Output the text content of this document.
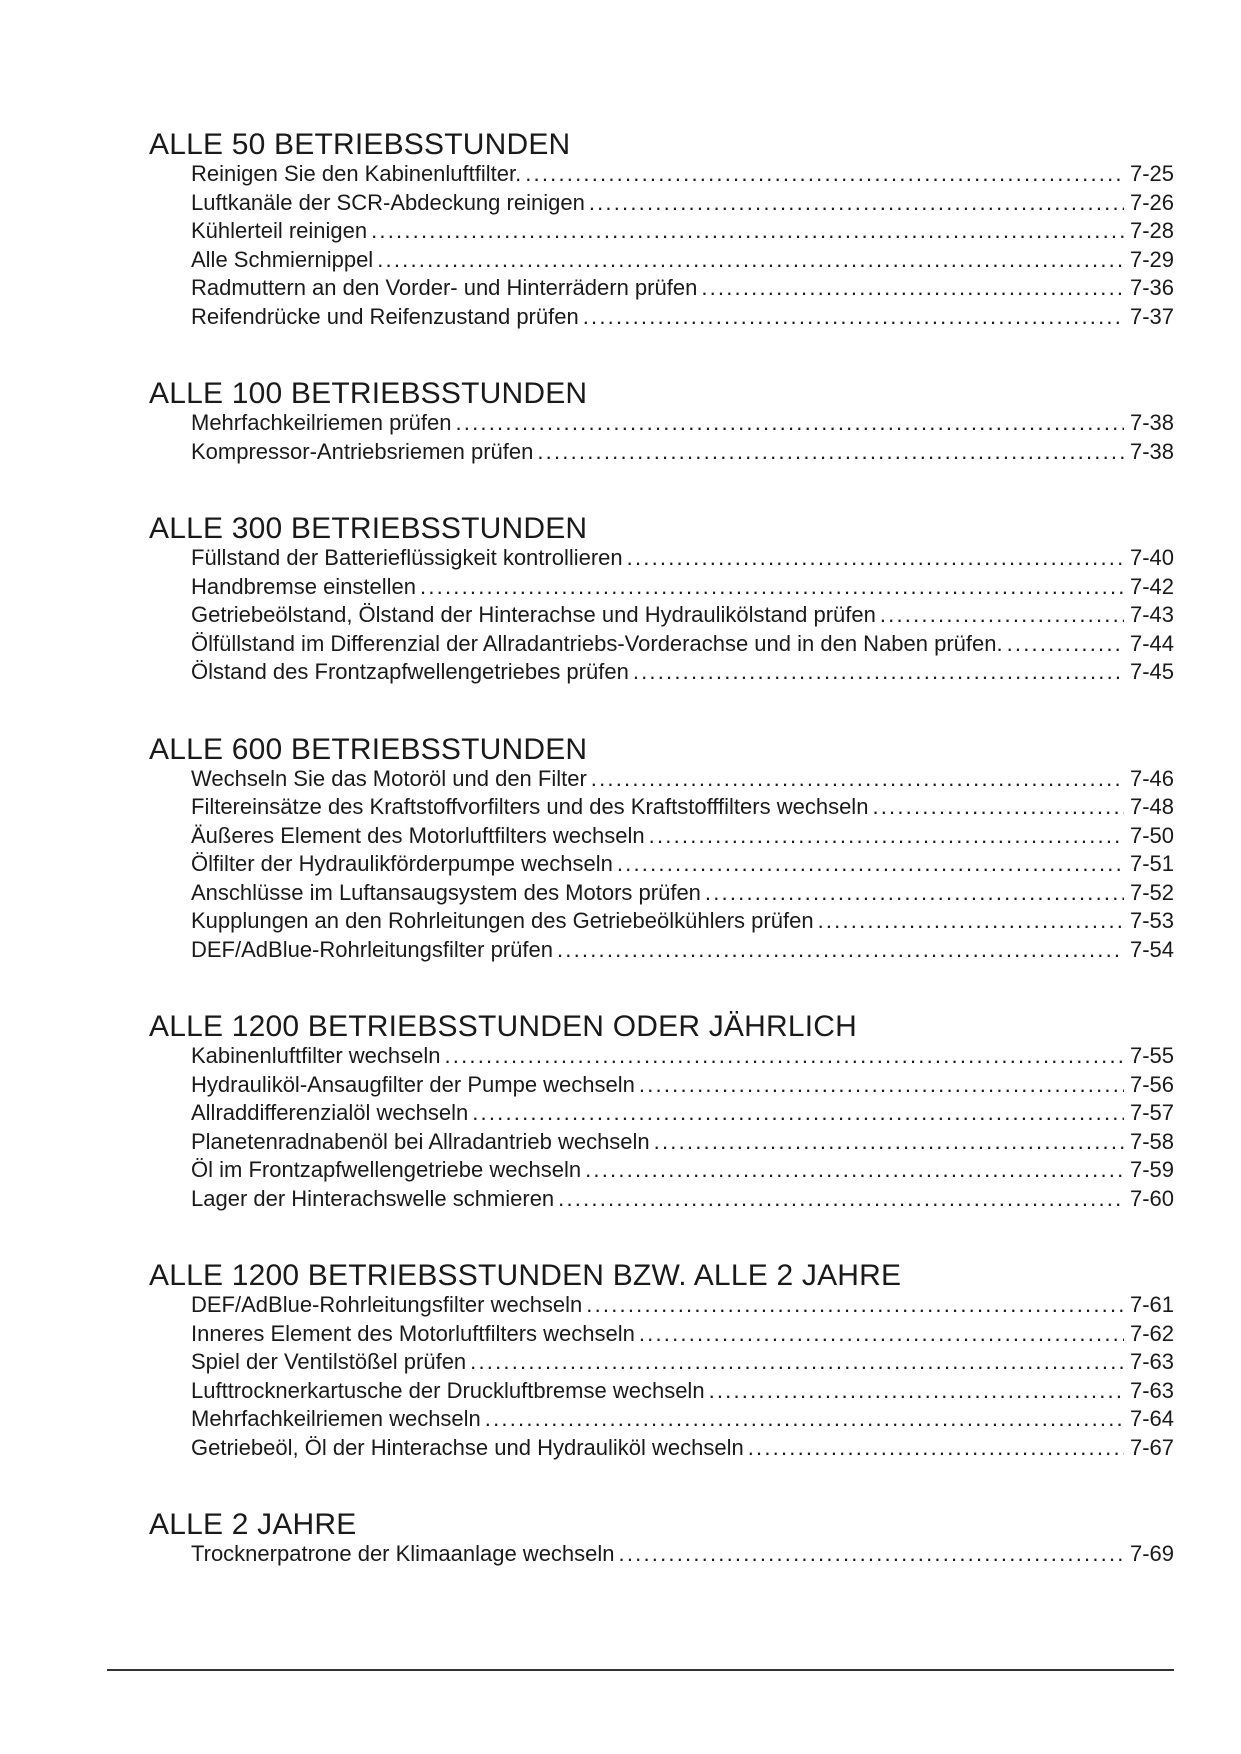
ALLE 50 BETRIEBSSTUNDEN
Reinigen Sie den Kabinenluftfilter. .....	7-25
Luftkanäle der SCR-Abdeckung reinigen .....	7-26
Kühlerteil reinigen .....	7-28
Alle Schmiernippel .....	7-29
Radmuttern an den Vorder- und Hinterrädern prüfen .....	7-36
Reifendrücke und Reifenzustand prüfen .....	7-37
ALLE 100 BETRIEBSSTUNDEN
Mehrfachkeilriemen prüfen .....	7-38
Kompressor-Antriebsriemen prüfen .....	7-38
ALLE 300 BETRIEBSSTUNDEN
Füllstand der Batterieflüssigkeit kontrollieren .....	7-40
Handbremse einstellen .....	7-42
Getriebeölstand, Ölstand der Hinterachse und Hydraulikölstand prüfen .....	7-43
Ölfüllstand im Differenzial der Allradantriebs-Vorderachse und in den Naben prüfen. .....	7-44
Ölstand des Frontzapfwellengetriebes prüfen .....	7-45
ALLE 600 BETRIEBSSTUNDEN
Wechseln Sie das Motoröl und den Filter .....	7-46
Filtereinsätze des Kraftstoffvorfilters und des Kraftstofffilters wechseln .....	7-48
Äußeres Element des Motorluftfilters wechseln .....	7-50
Ölfilter der Hydraulikförderpumpe wechseln .....	7-51
Anschlüsse im Luftansaugsystem des Motors prüfen .....	7-52
Kupplungen an den Rohrleitungen des Getriebeölkühlers prüfen .....	7-53
DEF/AdBlue-Rohrleitungsfilter prüfen .....	7-54
ALLE 1200 BETRIEBSSTUNDEN ODER JÄHRLICH
Kabinenluftfilter wechseln .....	7-55
Hydrauliköl-Ansaugfilter der Pumpe wechseln .....	7-56
Allraddifferenzialöl wechseln .....	7-57
Planetenradnabenöl bei Allradantrieb wechseln .....	7-58
Öl im Frontzapfwellengetriebe wechseln .....	7-59
Lager der Hinterachswelle schmieren .....	7-60
ALLE 1200 BETRIEBSSTUNDEN BZW. ALLE 2 JAHRE
DEF/AdBlue-Rohrleitungsfilter wechseln .....	7-61
Inneres Element des Motorluftfilters wechseln .....	7-62
Spiel der Ventilstößel prüfen .....	7-63
Lufttrocknerkartusche der Druckluftbremse wechseln .....	7-63
Mehrfachkeilriemen wechseln .....	7-64
Getriebeöl, Öl der Hinterachse und Hydrauliköl wechseln .....	7-67
ALLE 2 JAHRE
Trocknerpatrone der Klimaanlage wechseln .....	7-69
